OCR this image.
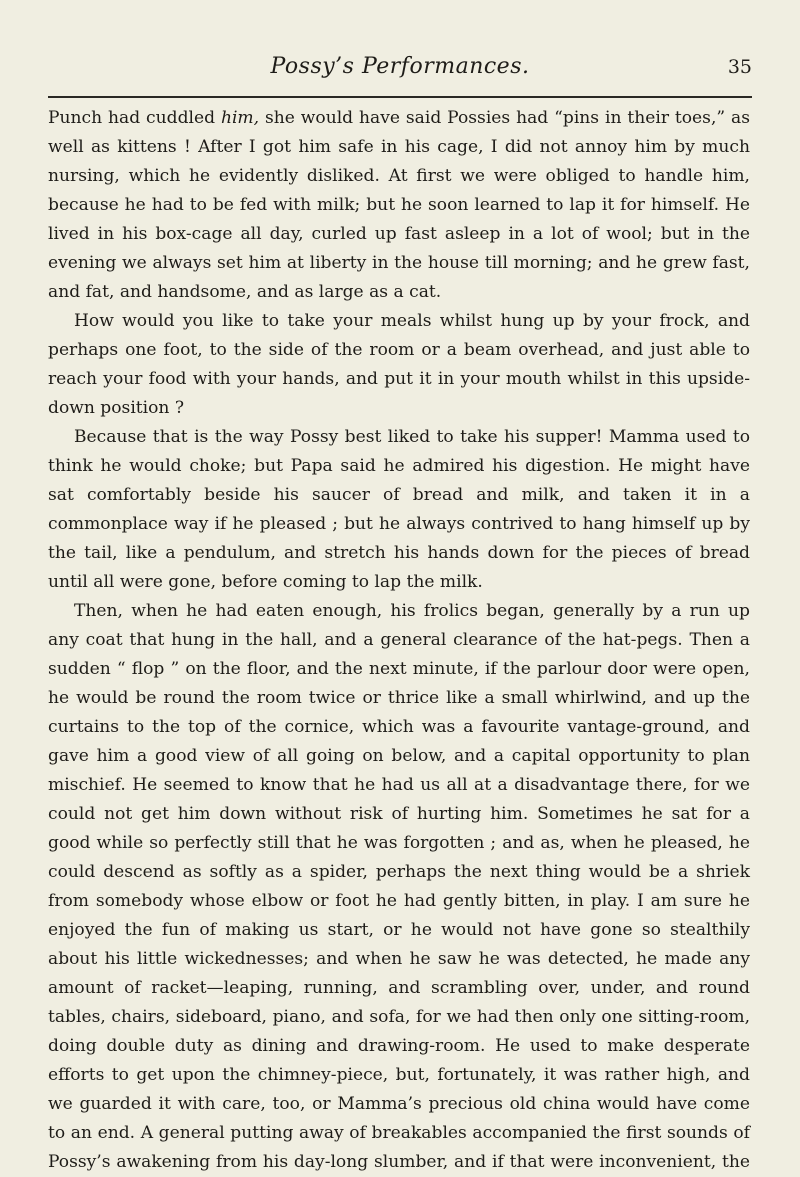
Possy’s Performances.	35

Punch had cuddled him, she would have said Possies had “pins in their toes,” as well as kittens ! After I got him safe in his cage, I did not annoy him by much nursing, which he evidently disliked. At first we were obliged to handle him, because he had to be fed with milk; but he soon learned to lap it for himself. He lived in his box-cage all day, curled up fast asleep in a lot of wool; but in the evening we always set him at liberty in the house till morning; and he grew fast, and fat, and handsome, and as large as a cat.

How would you like to take your meals whilst hung up by your frock, and perhaps one foot, to the side of the room or a beam overhead, and just able to reach your food with your hands, and put it in your mouth whilst in this upside-down position ?

Because that is the way Possy best liked to take his supper! Mamma used to think he would choke; but Papa said he admired his digestion. He might have sat comfortably beside his saucer of bread and milk, and taken it in a commonplace way if he pleased ; but he always contrived to hang himself up by the tail, like a pendulum, and stretch his hands down for the pieces of bread until all were gone, before coming to lap the milk.

Then, when he had eaten enough, his frolics began, generally by a run up any coat that hung in the hall, and a general clearance of the hat-pegs. Then a sudden “ flop ” on the floor, and the next minute, if the parlour door were open, he would be round the room twice or thrice like a small whirlwind, and up the curtains to the top of the cornice, which was a favourite vantage-ground, and gave him a good view of all going on below, and a capital opportunity to plan mischief. He seemed to know that he had us all at a disadvantage there, for we could not get him down without risk of hurting him. Sometimes he sat for a good while so perfectly still that he was forgotten ; and as, when he pleased, he could descend as softly as a spider, perhaps the next thing would be a shriek from somebody whose elbow or foot he had gently bitten, in play. I am sure he enjoyed the fun of making us start, or he would not have gone so stealthily about his little wickednesses; and when he saw he was detected, he made any amount of racket—leaping, running, and scrambling over, under, and round tables, chairs, sideboard, piano, and sofa, for we had then only one sitting-room, doing double duty as dining and drawing-room. He used to make desperate efforts to get upon the chimney-piece, but, fortunately, it was rather high, and we guarded it with care, too, or Mamma’s precious old china would have come to an end. A general putting away of breakables accompanied the first sounds of Possy’s awakening from his day-long slumber, and if that were inconvenient, the
